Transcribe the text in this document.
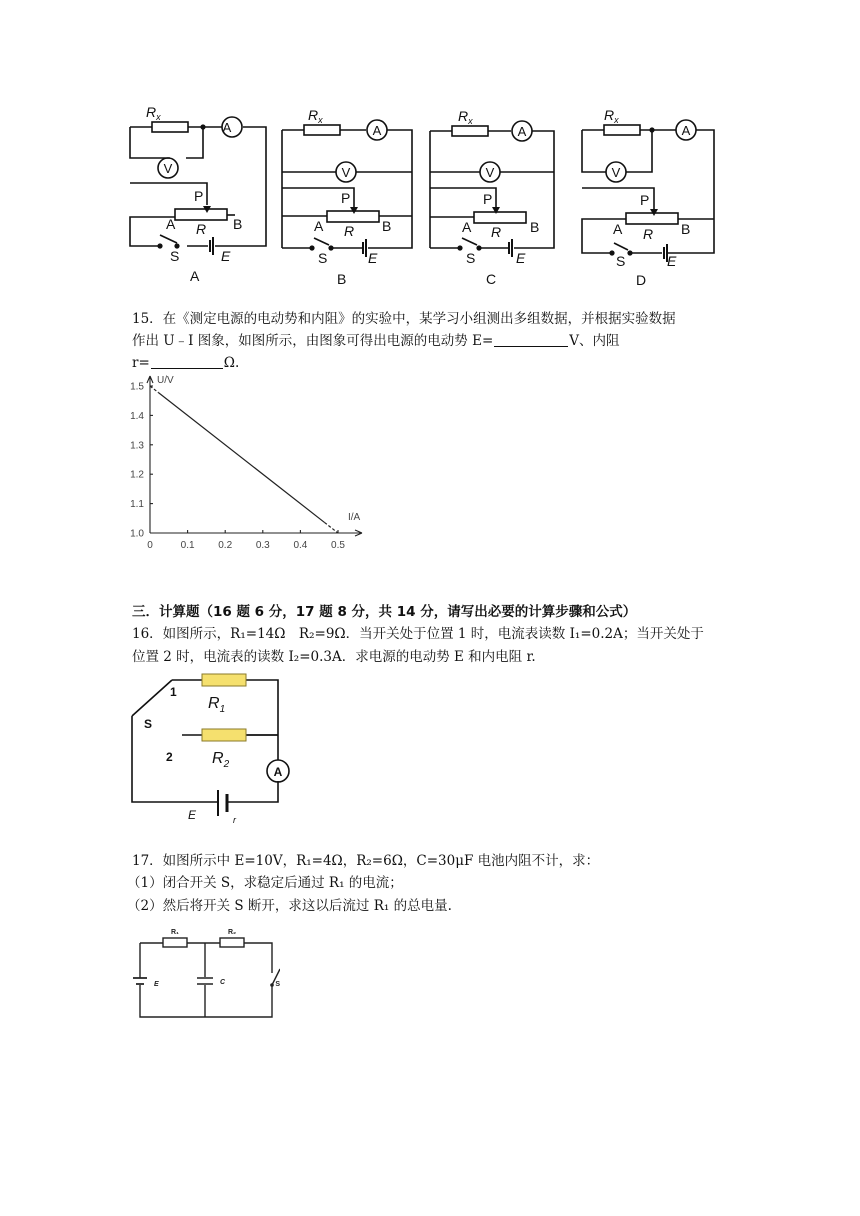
$R_x$
A
V
P
A R B
S	E
A
$R_x$
A
V
P
A R B
S	E
B
$R_x$
A
V
P
A R B
S	E
C
$R_x$
A
V
P
A R B
S	E
D
15．在《测定电源的电动势和内阻》的实验中，某学习小组测出多组数据，并根据实验数据
作出 U﹣I 图象，如图所示，由图象可得出电源的电动势 E=	V、内阻
r=	Ω.
0	0.1 0.2 0.3 0.4 0.5
1.0
1.1
1.2
1.3
1.4
1.5
U/V
I/A
三．计算题（16 题 6 分，17 题 8 分，共 14 分，请写出必要的计算步骤和公式）
16．如图所示，R₁=14Ω　R₂=9Ω．当开关处于位置 1 时，电流表读数 I₁=0.2A；当开关处于
位置 2 时，电流表的读数 I₂=0.3A．求电源的电动势 E 和内电阻 r.
1
S
2
$R_1$
$R_2$
A
E	r
17．如图所示中 E=10V，R₁=4Ω，R₂=6Ω，C=30μF 电池内阻不计，求：
（1）闭合开关 S，求稳定后通过 R₁ 的电流；
（2）然后将开关 S 断开，求这以后流过 R₁ 的总电量.
R₁	R₂
E	C	S
